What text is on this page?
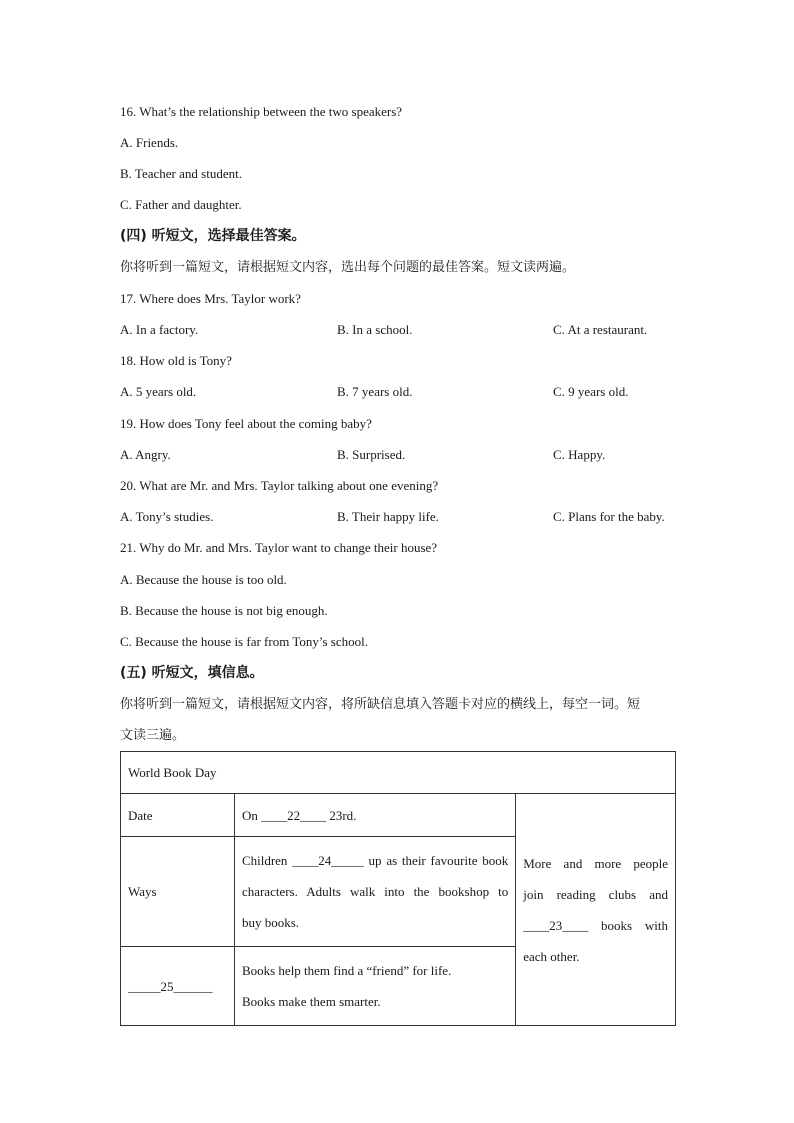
16. What’s the relationship between the two speakers?
A. Friends.
B. Teacher and student.
C. Father and daughter.
(四) 听短文，选择最佳答案。
你将听到一篇短文，请根据短文内容，选出每个问题的最佳答案。短文读两遍。
17. Where does Mrs. Taylor work?
A. In a factory.	B. In a school.	C. At a restaurant.
18. How old is Tony?
A. 5 years old.	B. 7 years old.	C. 9 years old.
19. How does Tony feel about the coming baby?
A. Angry.	B. Surprised.	C. Happy.
20. What are Mr. and Mrs. Taylor talking about one evening?
A. Tony’s studies.	B. Their happy life.	C. Plans for the baby.
21. Why do Mr. and Mrs. Taylor want to change their house?
A. Because the house is too old.
B. Because the house is not big enough.
C. Because the house is far from Tony’s school.
(五) 听短文，填信息。
你将听到一篇短文，请根据短文内容，将所缺信息填入答题卡对应的横线上，每空一词。短
文读三遍。
World Book Day		
Date	On ____22____ 23rd.	More and more people
join reading clubs and
____23____ books with
each other.

Ways	Children ____24_____ up as their favourite book
characters. Adults walk into the bookshop to
buy books.	

_____25______	Books help them find a “friend” for life.
Books make them smarter.	
